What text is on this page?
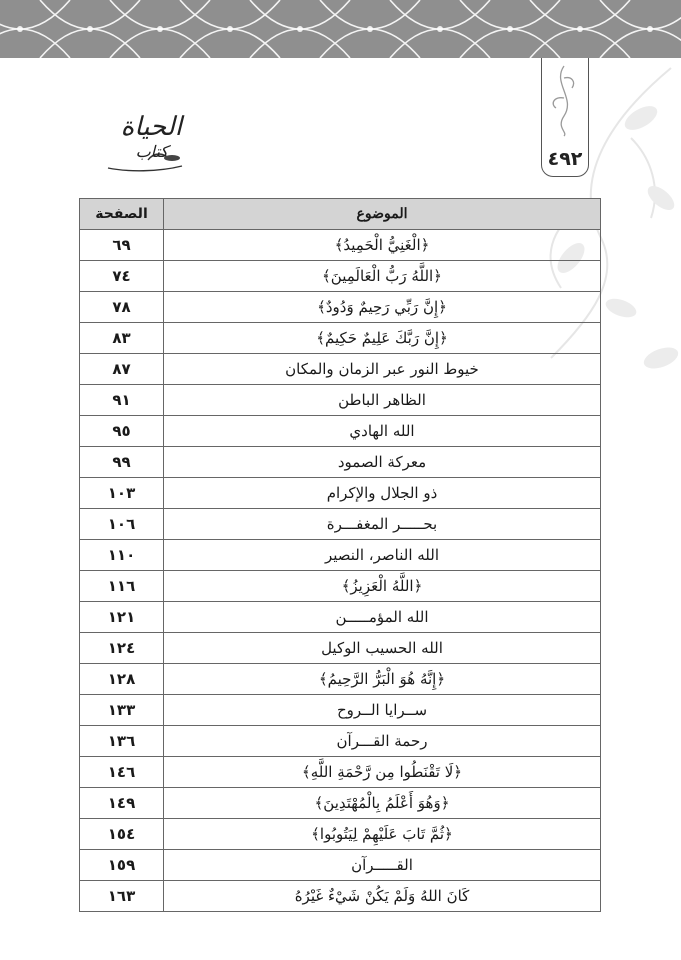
٤٩٢
الحياة
كتاب
الصفحة	الموضوع
٦٩	﴿الْغَنِيُّ الْحَمِيدُ﴾
٧٤	﴿اللَّهُ رَبُّ الْعَالَمِينَ﴾
٧٨	﴿إِنَّ رَبِّي رَحِيمٌ وَدُودٌ﴾
٨٣	﴿إِنَّ رَبَّكَ عَلِيمٌ حَكِيمٌ﴾
٨٧	خيوط النور عبر الزمان والمكان
٩١	الظاهر الباطن
٩٥	الله الهادي
٩٩	معركة الصمود
١٠٣	ذو الجلال والإكرام
١٠٦	بحـــــر المغفـــرة
١١٠	الله الناصر، النصير
١١٦	﴿اللَّهُ الْعَزِيزُ﴾
١٢١	الله المؤمـــــن
١٢٤	الله الحسيب الوكيل
١٢٨	﴿إِنَّهُ هُوَ الْبَرُّ الرَّحِيمُ﴾
١٣٣	ســرايا الــروح
١٣٦	رحمة القـــرآن
١٤٦	﴿لَا تَقْنَطُوا مِن رَّحْمَةِ اللَّهِ﴾
١٤٩	﴿وَهُوَ أَعْلَمُ بِالْمُهْتَدِينَ﴾
١٥٤	﴿ثُمَّ تَابَ عَلَيْهِمْ لِيَتُوبُوا﴾
١٥٩	القـــــرآن
١٦٣	كَانَ اللهُ وَلَمْ يَكُنْ شَيْءٌ غَيْرُهُ
